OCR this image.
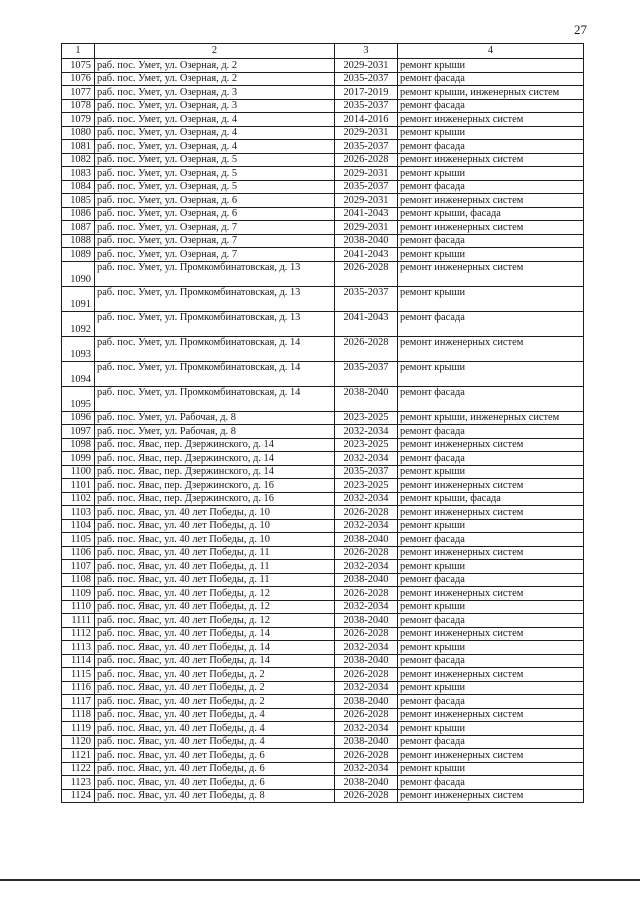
27
1	2	3	4
1075	раб. пос. Умет, ул. Озерная, д. 2	2029-2031	ремонт крыши
1076	раб. пос. Умет, ул. Озерная, д. 2	2035-2037	ремонт фасада
1077	раб. пос. Умет, ул. Озерная, д. 3	2017-2019	ремонт крыши, инженерных систем
1078	раб. пос. Умет, ул. Озерная, д. 3	2035-2037	ремонт фасада
1079	раб. пос. Умет, ул. Озерная, д. 4	2014-2016	ремонт инженерных систем
1080	раб. пос. Умет, ул. Озерная, д. 4	2029-2031	ремонт крыши
1081	раб. пос. Умет, ул. Озерная, д. 4	2035-2037	ремонт фасада
1082	раб. пос. Умет, ул. Озерная, д. 5	2026-2028	ремонт инженерных систем
1083	раб. пос. Умет, ул. Озерная, д. 5	2029-2031	ремонт крыши
1084	раб. пос. Умет, ул. Озерная, д. 5	2035-2037	ремонт фасада
1085	раб. пос. Умет, ул. Озерная, д. 6	2029-2031	ремонт инженерных систем
1086	раб. пос. Умет, ул. Озерная, д. 6	2041-2043	ремонт крыши, фасада
1087	раб. пос. Умет, ул. Озерная, д. 7	2029-2031	ремонт инженерных систем
1088	раб. пос. Умет, ул. Озерная, д. 7	2038-2040	ремонт фасада
1089	раб. пос. Умет, ул. Озерная, д. 7	2041-2043	ремонт крыши
1090	раб. пос. Умет, ул. Промкомбинатовская, д. 13	2026-2028	ремонт инженерных систем
1091	раб. пос. Умет, ул. Промкомбинатовская, д. 13	2035-2037	ремонт крыши
1092	раб. пос. Умет, ул. Промкомбинатовская, д. 13	2041-2043	ремонт фасада
1093	раб. пос. Умет, ул. Промкомбинатовская, д. 14	2026-2028	ремонт инженерных систем
1094	раб. пос. Умет, ул. Промкомбинатовская, д. 14	2035-2037	ремонт крыши
1095	раб. пос. Умет, ул. Промкомбинатовская, д. 14	2038-2040	ремонт фасада
1096	раб. пос. Умет, ул. Рабочая, д. 8	2023-2025	ремонт крыши, инженерных систем
1097	раб. пос. Умет, ул. Рабочая, д. 8	2032-2034	ремонт фасада
1098	раб. пос. Явас, пер. Дзержинского, д. 14	2023-2025	ремонт инженерных систем
1099	раб. пос. Явас, пер. Дзержинского, д. 14	2032-2034	ремонт фасада
1100	раб. пос. Явас, пер. Дзержинского, д. 14	2035-2037	ремонт крыши
1101	раб. пос. Явас, пер. Дзержинского, д. 16	2023-2025	ремонт инженерных систем
1102	раб. пос. Явас, пер. Дзержинского, д. 16	2032-2034	ремонт крыши, фасада
1103	раб. пос. Явас, ул. 40 лет Победы, д. 10	2026-2028	ремонт инженерных систем
1104	раб. пос. Явас, ул. 40 лет Победы, д. 10	2032-2034	ремонт крыши
1105	раб. пос. Явас, ул. 40 лет Победы, д. 10	2038-2040	ремонт фасада
1106	раб. пос. Явас, ул. 40 лет Победы, д. 11	2026-2028	ремонт инженерных систем
1107	раб. пос. Явас, ул. 40 лет Победы, д. 11	2032-2034	ремонт крыши
1108	раб. пос. Явас, ул. 40 лет Победы, д. 11	2038-2040	ремонт фасада
1109	раб. пос. Явас, ул. 40 лет Победы, д. 12	2026-2028	ремонт инженерных систем
1110	раб. пос. Явас, ул. 40 лет Победы, д. 12	2032-2034	ремонт крыши
1111	раб. пос. Явас, ул. 40 лет Победы, д. 12	2038-2040	ремонт фасада
1112	раб. пос. Явас, ул. 40 лет Победы, д. 14	2026-2028	ремонт инженерных систем
1113	раб. пос. Явас, ул. 40 лет Победы, д. 14	2032-2034	ремонт крыши
1114	раб. пос. Явас, ул. 40 лет Победы, д. 14	2038-2040	ремонт фасада
1115	раб. пос. Явас, ул. 40 лет Победы, д. 2	2026-2028	ремонт инженерных систем
1116	раб. пос. Явас, ул. 40 лет Победы, д. 2	2032-2034	ремонт крыши
1117	раб. пос. Явас, ул. 40 лет Победы, д. 2	2038-2040	ремонт фасада
1118	раб. пос. Явас, ул. 40 лет Победы, д. 4	2026-2028	ремонт инженерных систем
1119	раб. пос. Явас, ул. 40 лет Победы, д. 4	2032-2034	ремонт крыши
1120	раб. пос. Явас, ул. 40 лет Победы, д. 4	2038-2040	ремонт фасада
1121	раб. пос. Явас, ул. 40 лет Победы, д. 6	2026-2028	ремонт инженерных систем
1122	раб. пос. Явас, ул. 40 лет Победы, д. 6	2032-2034	ремонт крыши
1123	раб. пос. Явас, ул. 40 лет Победы, д. 6	2038-2040	ремонт фасада
1124	раб. пос. Явас, ул. 40 лет Победы, д. 8	2026-2028	ремонт инженерных систем
